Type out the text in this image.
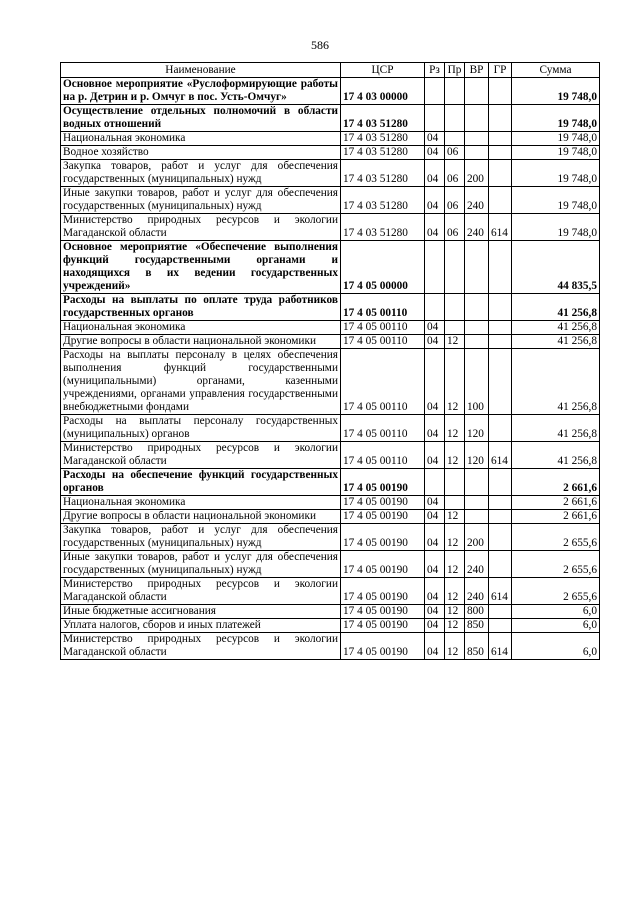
586
Наименование	ЦСР	Рз	Пр	ВР	ГР	Сумма
Основное мероприятие «Руслоформирующие работы на р. Детрин и р. Омчуг в пос. Усть-Омчуг»	17 4 03 00000					19 748,0
Осуществление отдельных полномочий в области водных отношений	17 4 03 51280					19 748,0
Национальная экономика	17 4 03 51280	04				19 748,0
Водное хозяйство	17 4 03 51280	04	06			19 748,0
Закупка товаров, работ и услуг для обеспечения государственных (муниципальных) нужд	17 4 03 51280	04	06	200		19 748,0
Иные закупки товаров, работ и услуг для обеспечения государственных (муниципальных) нужд	17 4 03 51280	04	06	240		19 748,0
Министерство природных ресурсов и экологии Магаданской области	17 4 03 51280	04	06	240	614	19 748,0
Основное мероприятие «Обеспечение выполнения функций государственными органами и находящихся в их ведении государственных учреждений»	17 4 05 00000					44 835,5
Расходы на выплаты по оплате труда работников государственных органов	17 4 05 00110					41 256,8
Национальная экономика	17 4 05 00110	04				41 256,8
Другие вопросы в области национальной экономики	17 4 05 00110	04	12			41 256,8
Расходы на выплаты персоналу в целях обеспечения выполнения функций государственными (муниципальными) органами, казенными учреждениями, органами управления государственными внебюджетными фондами	17 4 05 00110	04	12	100		41 256,8
Расходы на выплаты персоналу государственных (муниципальных) органов	17 4 05 00110	04	12	120		41 256,8
Министерство природных ресурсов и экологии Магаданской области	17 4 05 00110	04	12	120	614	41 256,8
Расходы на обеспечение функций государственных органов	17 4 05 00190					2 661,6
Национальная экономика	17 4 05 00190	04				2 661,6
Другие вопросы в области национальной экономики	17 4 05 00190	04	12			2 661,6
Закупка товаров, работ и услуг для обеспечения государственных (муниципальных) нужд	17 4 05 00190	04	12	200		2 655,6
Иные закупки товаров, работ и услуг для обеспечения государственных (муниципальных) нужд	17 4 05 00190	04	12	240		2 655,6
Министерство природных ресурсов и экологии Магаданской области	17 4 05 00190	04	12	240	614	2 655,6
Иные бюджетные ассигнования	17 4 05 00190	04	12	800		6,0
Уплата налогов, сборов и иных платежей	17 4 05 00190	04	12	850		6,0
Министерство природных ресурсов и экологии Магаданской области	17 4 05 00190	04	12	850	614	6,0
